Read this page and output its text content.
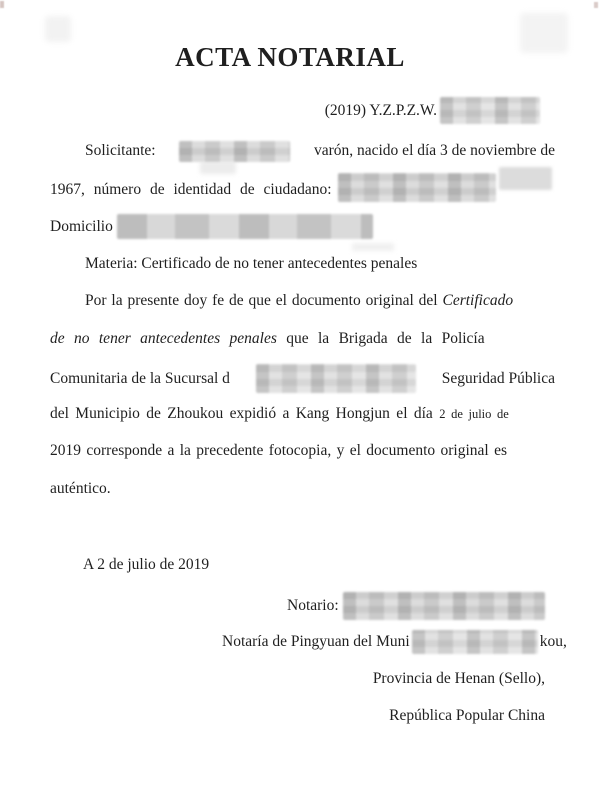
ACTA NOTARIAL
(2019) Y.Z.P.Z.W.
Solicitante:	varón, nacido el día 3 de noviembre de
1967, número de identidad de ciudadano:
Domicilio
Materia: Certificado de no tener antecedentes penales
Por la presente doy fe de que el documento original del Certificado
de no tener antecedentes penales que la Brigada de la Policía
Comunitaria de la Sucursal d	Seguridad Pública
del Municipio de Zhoukou expidió a Kang Hongjun el día 2 de julio de
2019 corresponde a la precedente fotocopia, y el documento original es
auténtico.
A 2 de julio de 2019
Notario:
Notaría de Pingyuan del Muni	kou,
Provincia de Henan (Sello),
República Popular China
